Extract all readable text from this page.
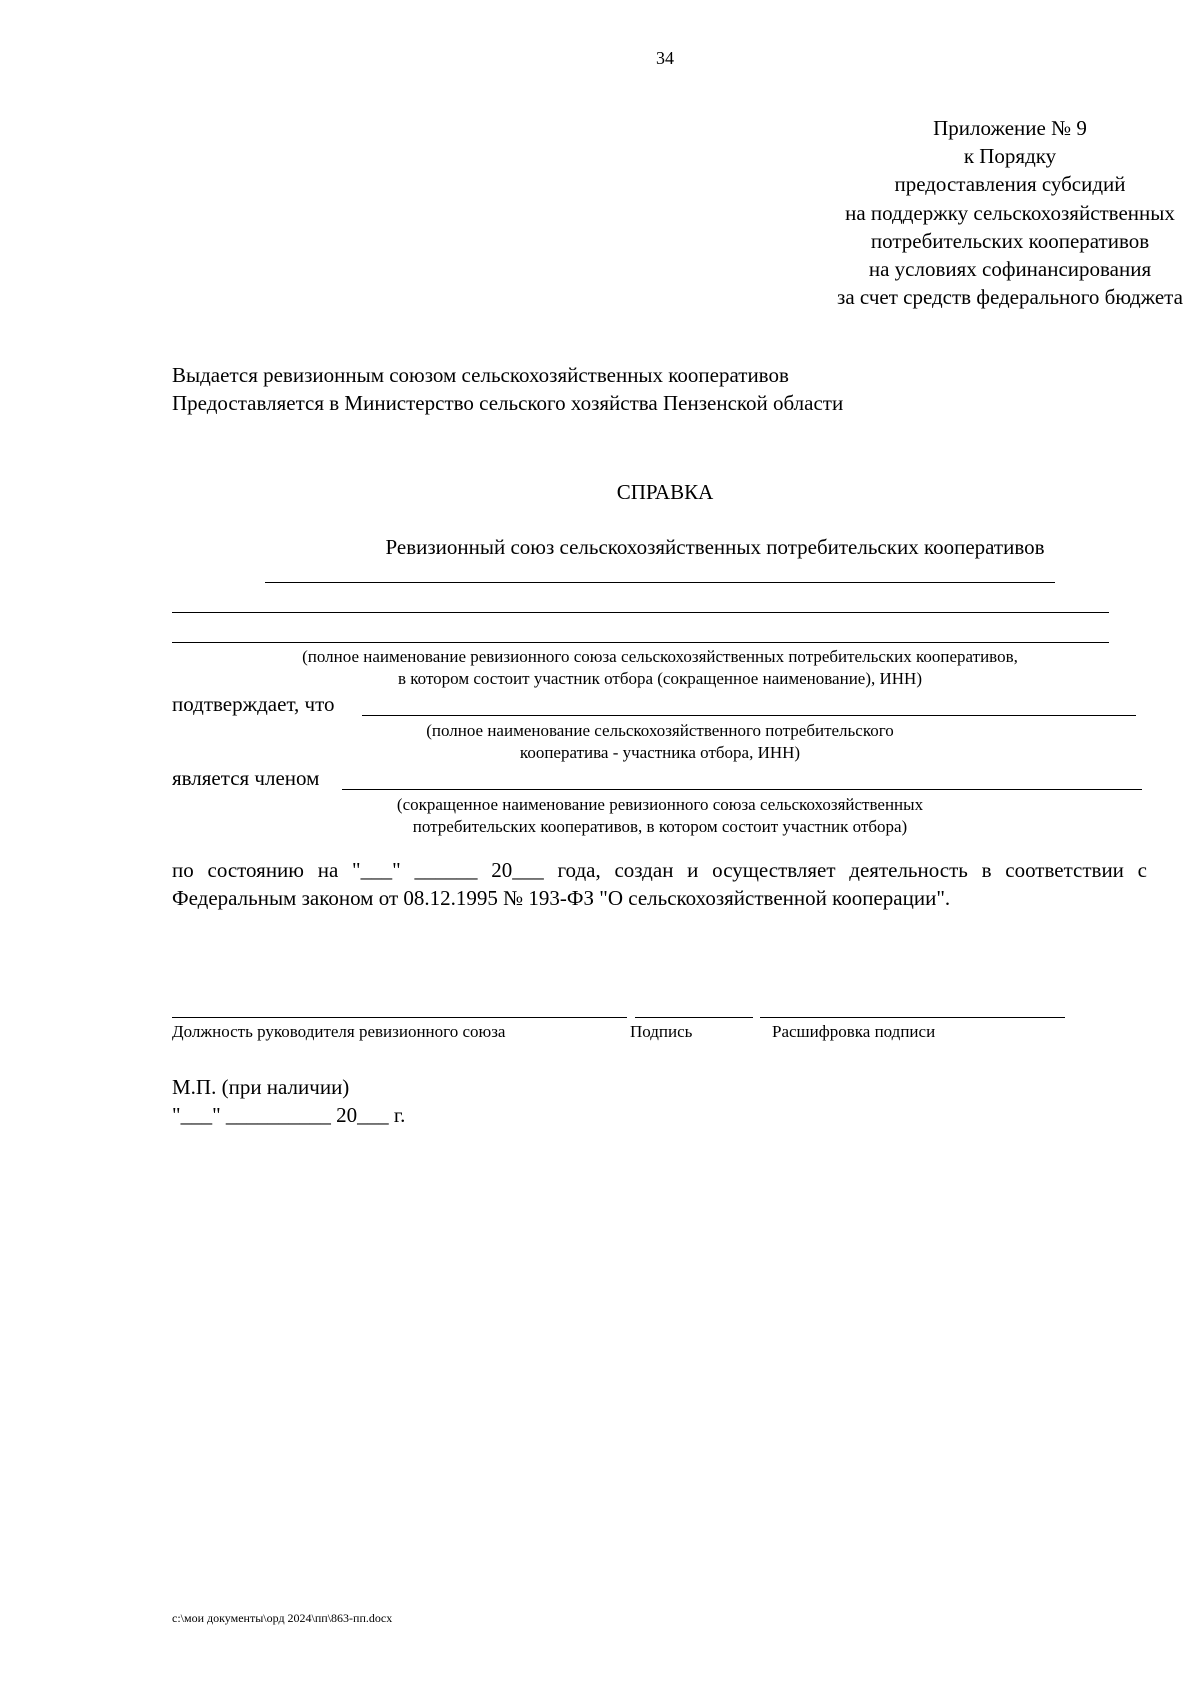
34
Приложение № 9
к Порядку
предоставления субсидий
на поддержку сельскохозяйственных
потребительских кооперативов
на условиях софинансирования
за счет средств федерального бюджета
Выдается ревизионным союзом сельскохозяйственных кооперативов
Предоставляется в Министерство сельского хозяйства Пензенской области
СПРАВКА
Ревизионный союз сельскохозяйственных потребительских кооперативов
(полное наименование ревизионного союза сельскохозяйственных потребительских кооперативов,
в котором состоит участник отбора (сокращенное наименование), ИНН)
подтверждает, что
(полное наименование сельскохозяйственного потребительского
кооператива - участника отбора, ИНН)
является членом
(сокращенное наименование ревизионного союза сельскохозяйственных
потребительских кооперативов, в котором состоит участник отбора)
по состоянию на "___" ______ 20___ года, создан и осуществляет деятельность в соответствии с Федеральным законом от 08.12.1995 № 193-ФЗ "О сельскохозяйственной кооперации".
Должность руководителя ревизионного союза	Подпись	Расшифровка подписи
М.П. (при наличии)
"___" __________ 20___ г.
c:\мои документы\орд 2024\пп\863-пп.docx
